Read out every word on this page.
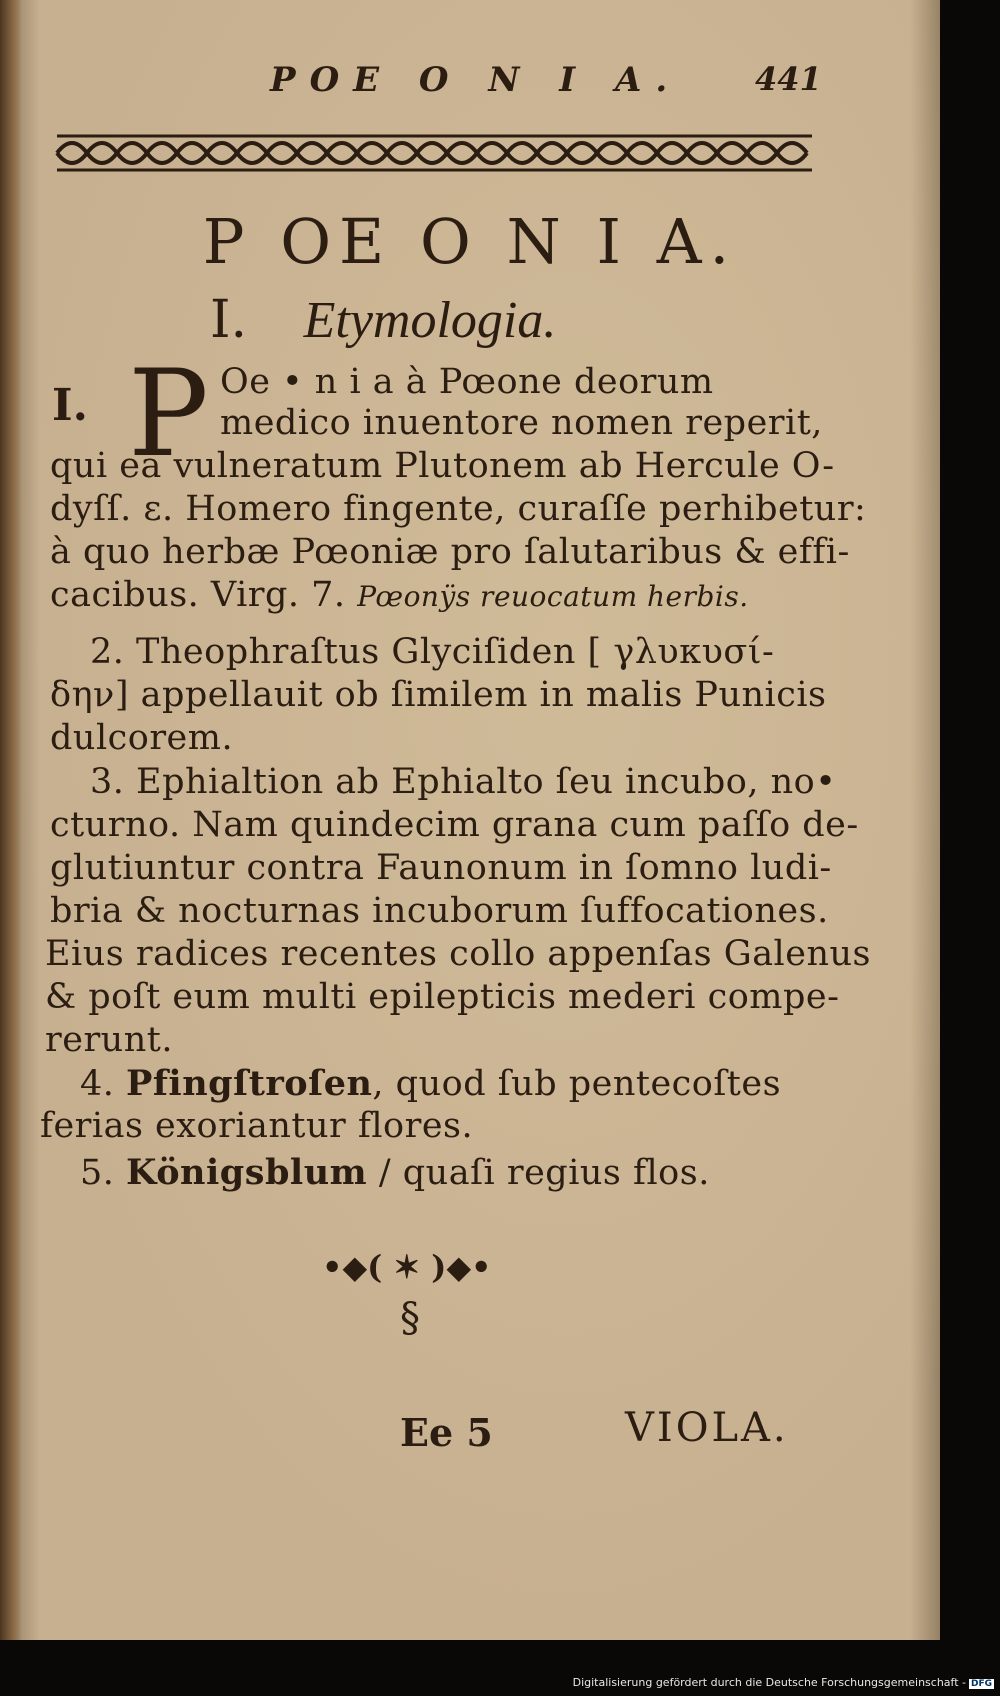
POE O N I A. 441
P OE O N I A.
I. Etymologia.
I. P Oe • n i a à Pœone deorum
medico inuentore nomen reperit,
qui ea vulneratum Plutonem ab Hercule O-
dyſſ. ε. Homero fingente, curaſſe perhibetur:
à quo herbæ Pœoniæ pro ſalutaribus & effi-
cacibus. Virg. 7. Pœonÿs reuocatum herbis.
2. Theophraſtus Glyciſiden [ γλυκυσί-
δην] appellauit ob ſimilem in malis Punicis
dulcorem.
3. Ephialtion ab Ephialto ſeu incubo, no•
cturno. Nam quindecim grana cum paſſo de-
glutiuntur contra Faunonum in ſomno ludi-
bria & nocturnas incuborum ſuffocationes.
Eius radices recentes collo appenſas Galenus
& poſt eum multi epilepticis mederi compe-
rerunt.
4. Pfingſtroſen, quod ſub pentecoſtes
ferias exoriantur flores.
5. Königsblum / quaſi regius flos.
•◆( ✶ )◆•
§
Ee 5	VIOLA.
Digitalisierung gefördert durch die Deutsche Forschungsgemeinschaft - DFG
